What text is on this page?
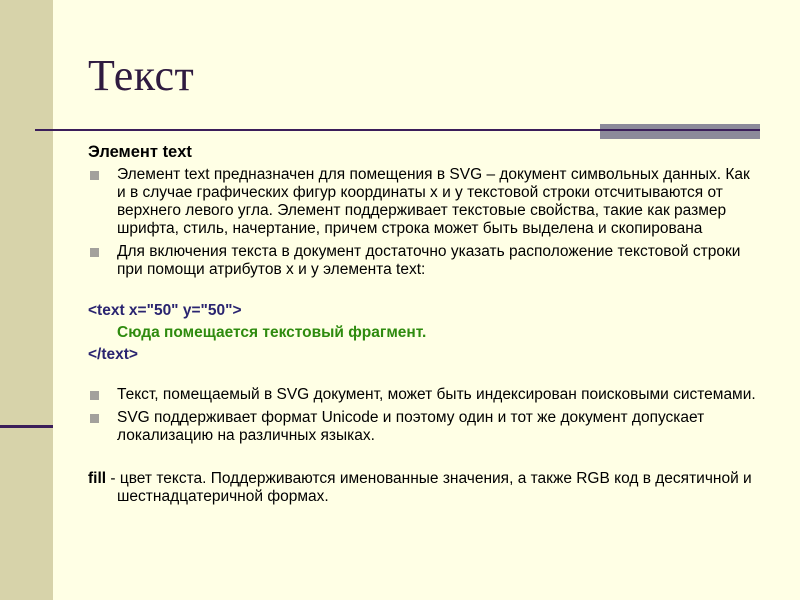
Текст
Элемент text
Элемент text предназначен для помещения в SVG – документ символьных данных. Как и в случае графических фигур координаты x и y текстовой строки отсчитываются от верхнего левого угла. Элемент поддерживает текстовые свойства, такие как размер шрифта, стиль, начертание, причем строка может быть выделена и скопирована
Для включения текста в документ достаточно указать расположение текстовой строки при помощи атрибутов x и y элемента text:
<text x="50" y="50">
Сюда помещается текстовый фрагмент.
</text>
Текст, помещаемый в SVG документ, может быть индексирован поисковыми системами.
SVG поддерживает формат Unicode и поэтому один и тот же документ допускает локализацию на различных языках.
fill - цвет текста. Поддерживаются именованные значения, а также RGB код в десятичной и шестнадцатеричной формах.
